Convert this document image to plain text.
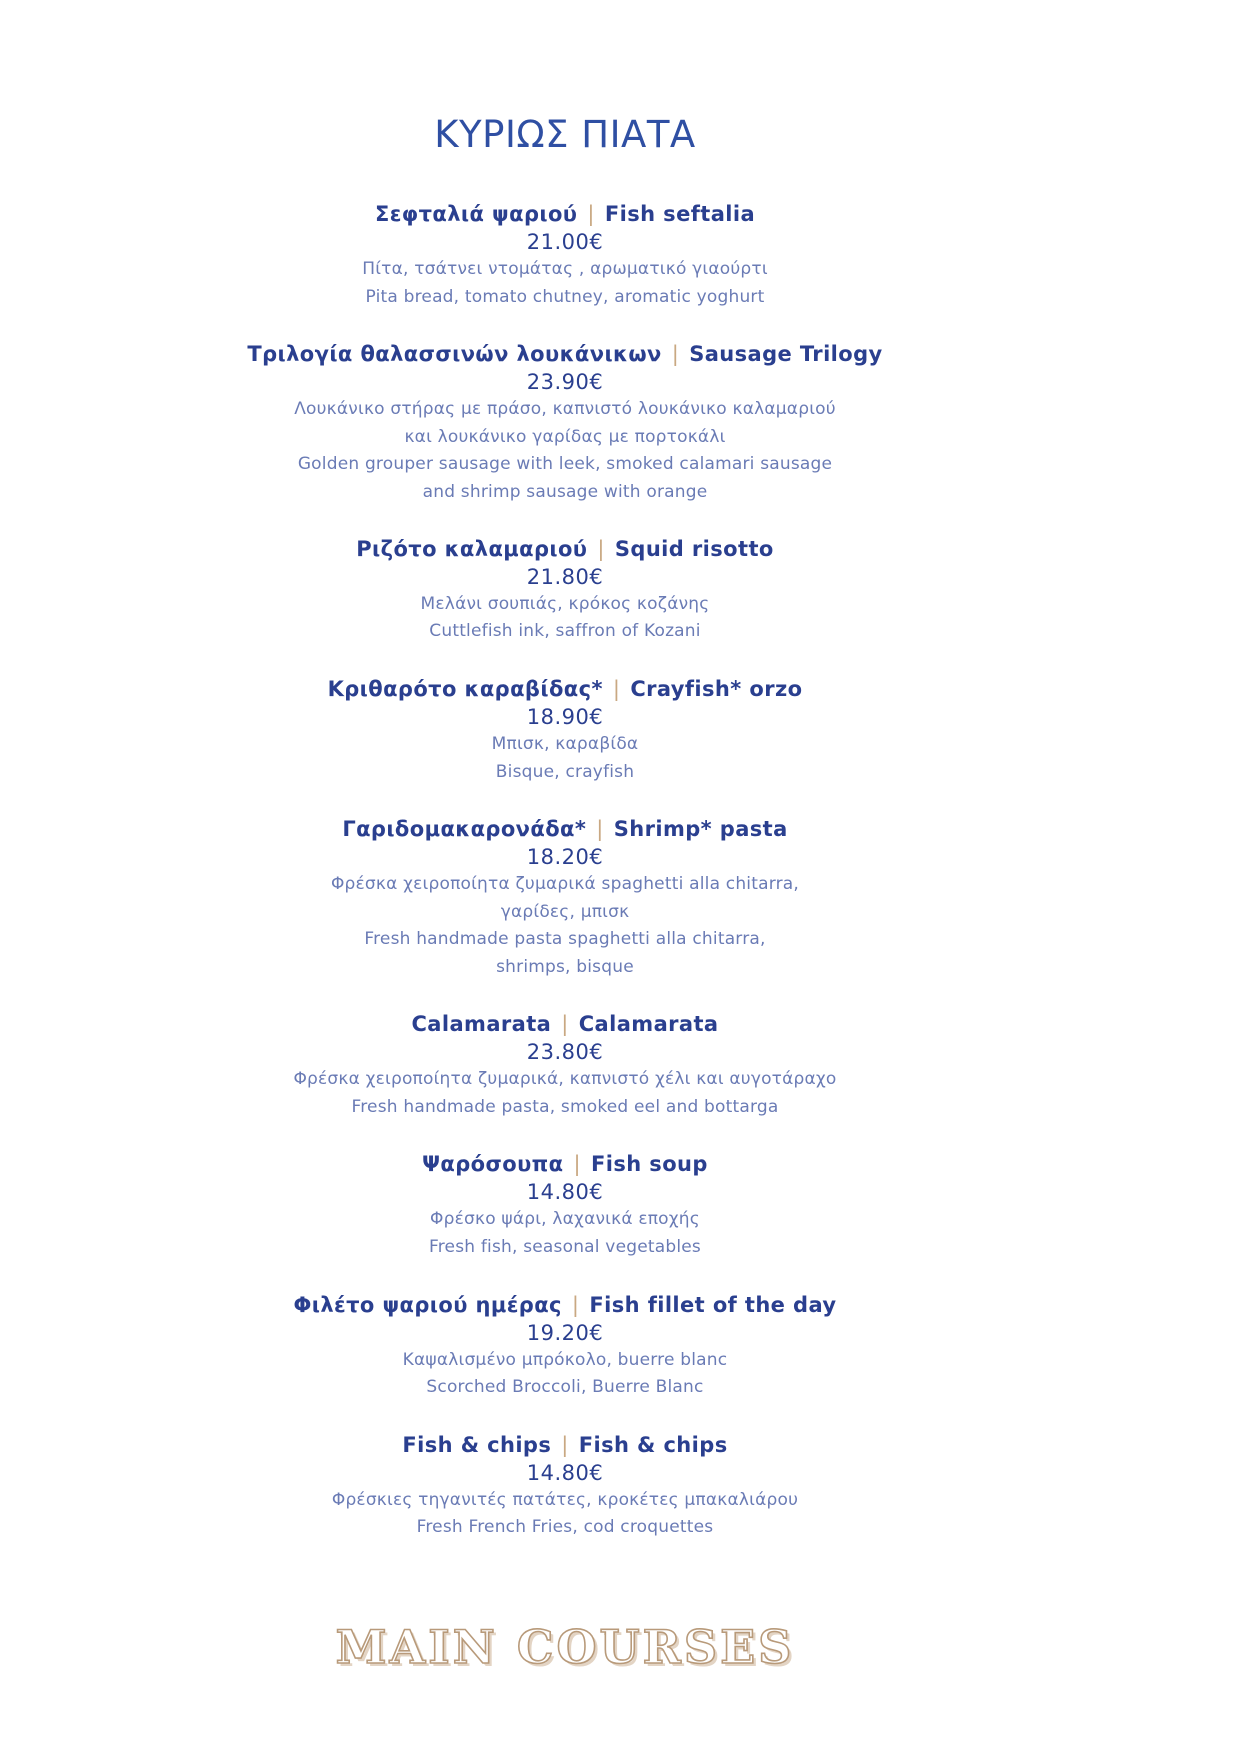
ΚΥΡΙΩΣ ΠΙΑΤΑ
Σεφταλιά ψαριού | Fish seftalia
21.00€
Πίτα, τσάτνει ντομάτας , αρωματικό γιαούρτι
Pita bread, tomato chutney, aromatic yoghurt
Τριλογία θαλασσινών λουκάνικων | Sausage Trilogy
23.90€
Λουκάνικο στήρας με πράσο, καπνιστό λουκάνικο καλαμαριού
και λουκάνικο γαρίδας με πορτοκάλι
Golden grouper sausage with leek, smoked calamari sausage
and shrimp sausage with orange
Ριζότο καλαμαριού | Squid risotto
21.80€
Μελάνι σουπιάς, κρόκος κοζάνης
Cuttlefish ink, saffron of Kozani
Κριθαρότο καραβίδας* | Crayfish* orzo
18.90€
Μπισκ, καραβίδα
Bisque, crayfish
Γαριδομακαρονάδα* | Shrimp* pasta
18.20€
Φρέσκα χειροποίητα ζυμαρικά spaghetti alla chitarra,
γαρίδες, μπισκ
Fresh handmade pasta spaghetti alla chitarra,
shrimps, bisque
Calamarata | Calamarata
23.80€
Φρέσκα χειροποίητα ζυμαρικά, καπνιστό χέλι και αυγοτάραχο
Fresh handmade pasta, smoked eel and bottarga
Ψαρόσουπα | Fish soup
14.80€
Φρέσκο ψάρι, λαχανικά εποχής
Fresh fish, seasonal vegetables
Φιλέτο ψαριού ημέρας | Fish fillet of the day
19.20€
Καψαλισμένο μπρόκολο, buerre blanc
Scorched Broccoli, Buerre Blanc
Fish & chips | Fish & chips
14.80€
Φρέσκιες τηγανιτές πατάτες, κροκέτες μπακαλιάρου
Fresh French Fries, cod croquettes
MAIN COURSES
